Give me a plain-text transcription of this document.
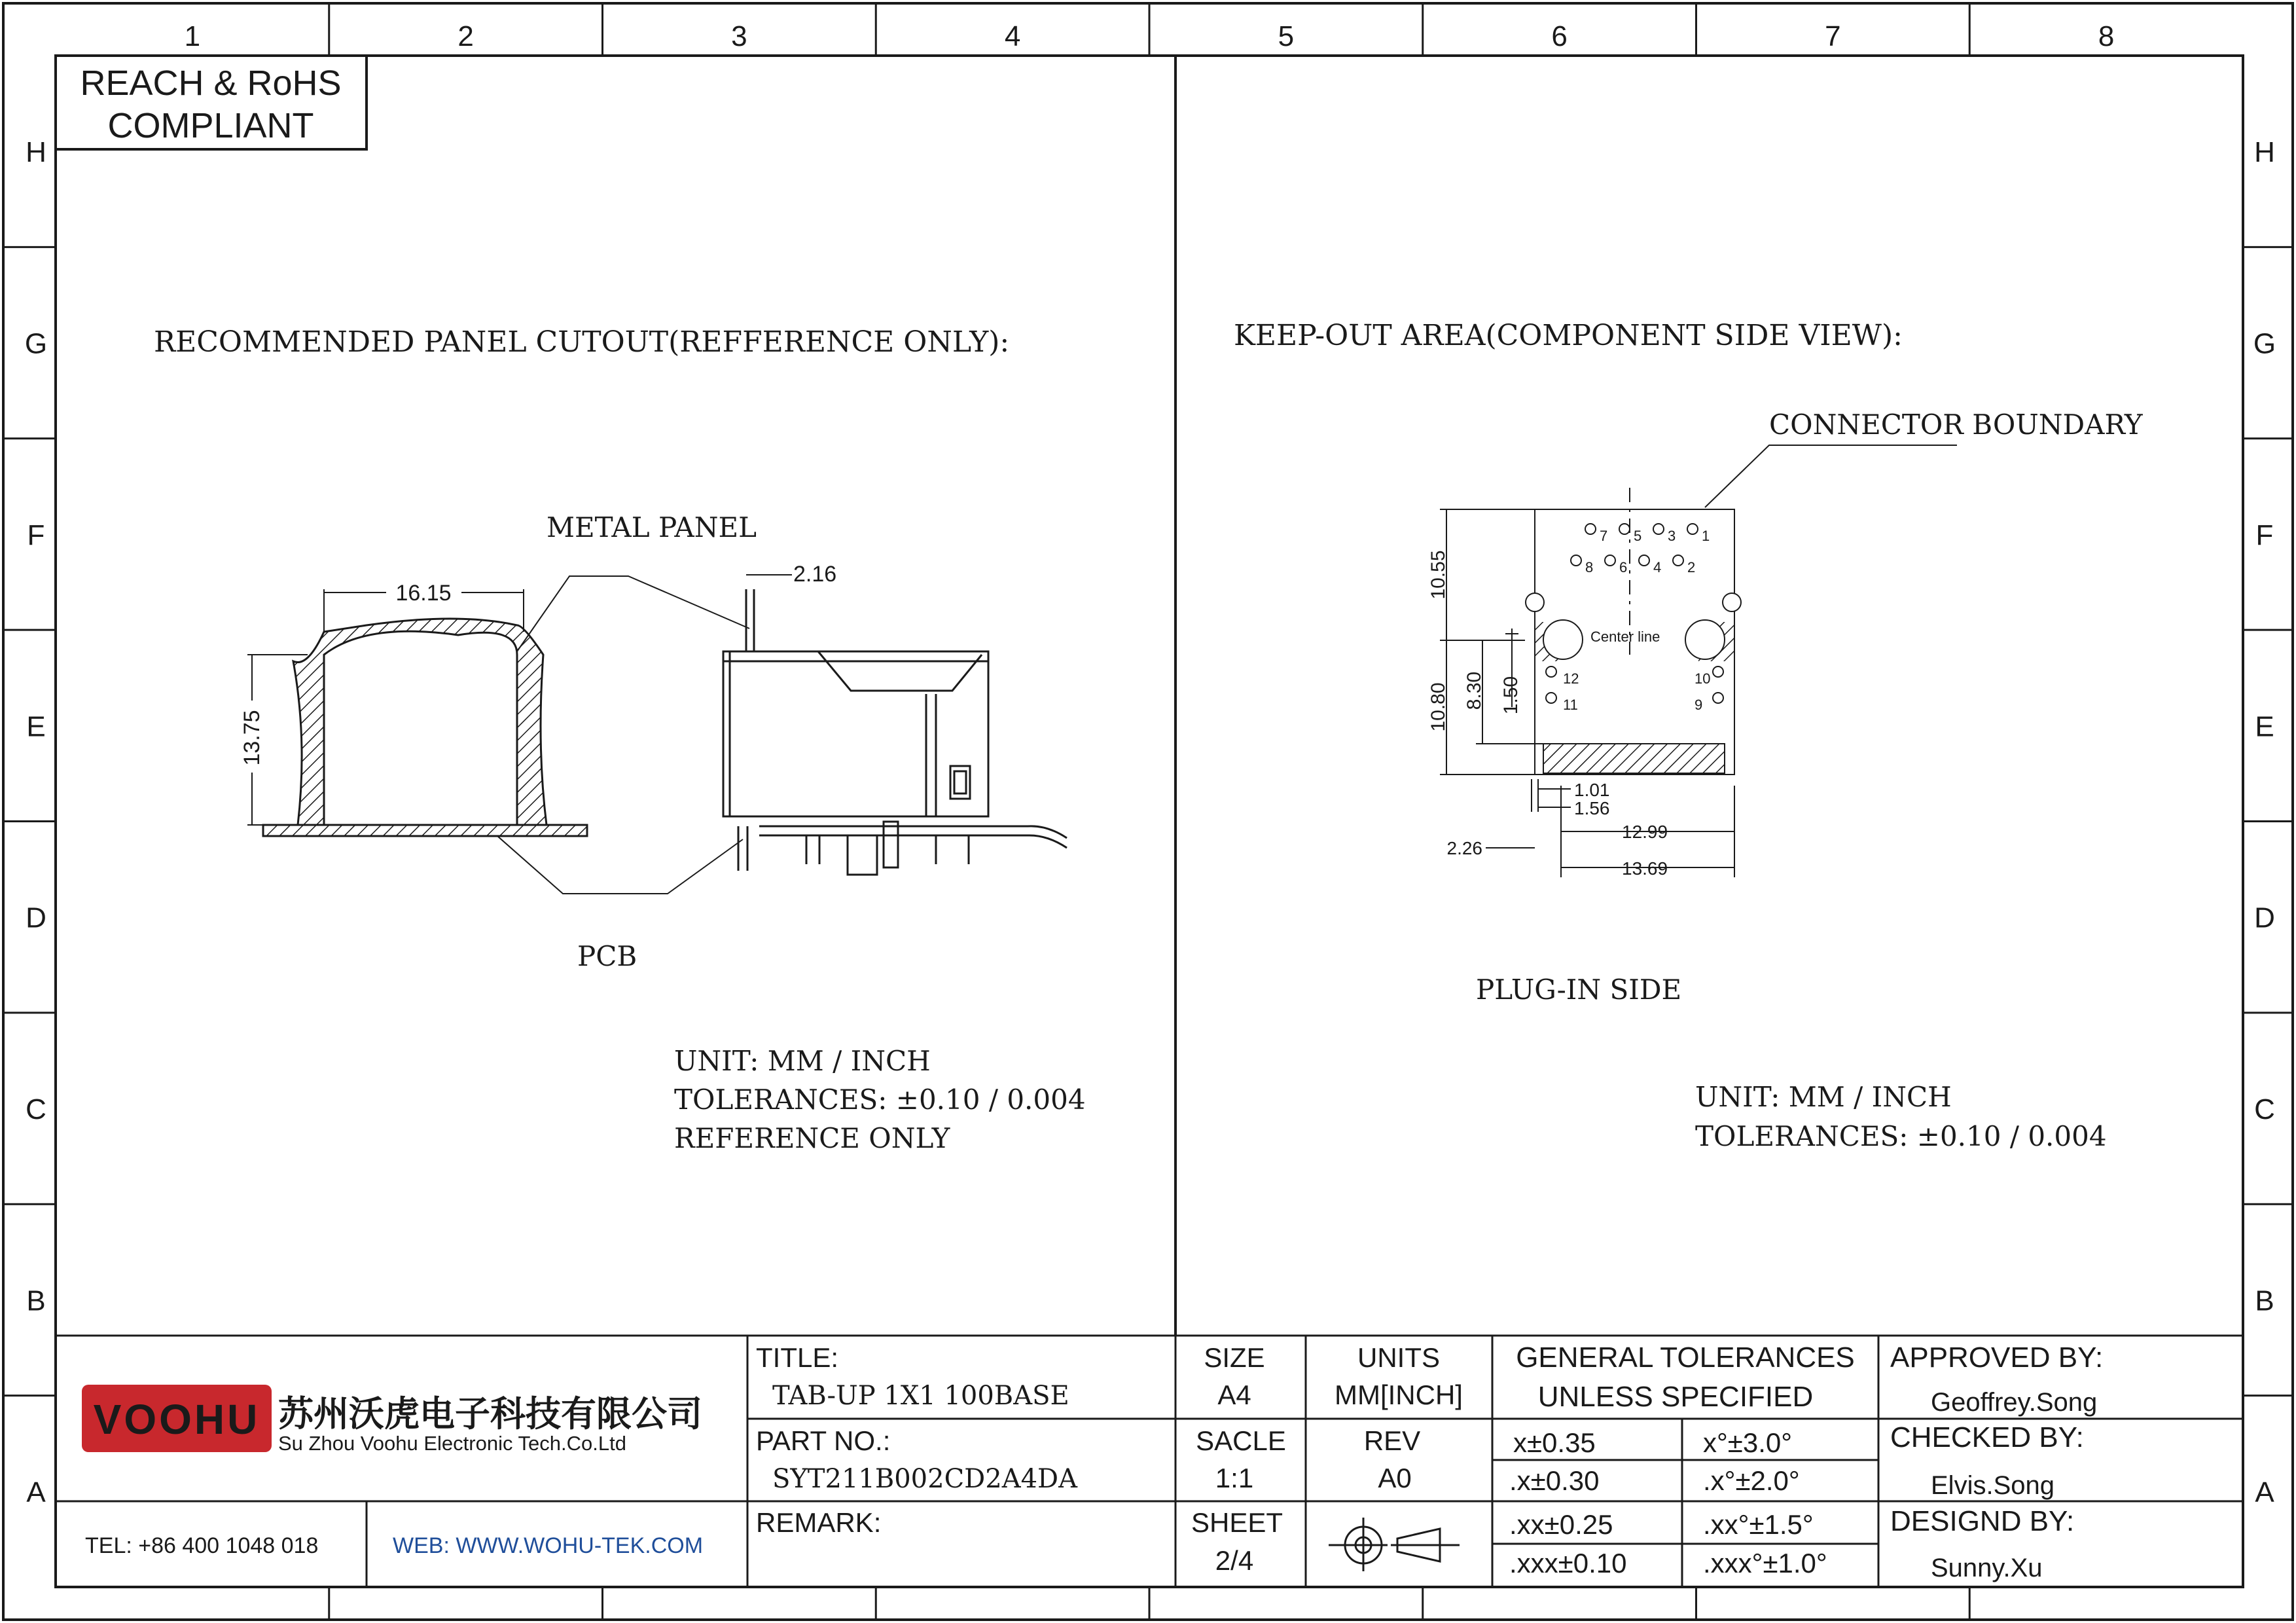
1	2	3	4	5	6	7	8
H	H
G	G
F	F
E	E
D	D
C	C
B	B
A	A
REACH & RoHS
COMPLIANT
RECOMMENDED PANEL CUTOUT(REFFERENCE ONLY):
16.15
13.75
2.16
METAL PANEL
PCB
UNIT: MM / INCH
TOLERANCES: ±0.10 / 0.004
REFERENCE ONLY
KEEP-OUT AREA(COMPONENT SIDE VIEW):
CONNECTOR BOUNDARY
Center line
7 5 3 1
8 6 4 2
12
11
10
9
10.55
10.80 8.30 1.50
1.01
1.56
12.99
2.26
13.69
PLUG-IN SIDE
UNIT: MM / INCH
TOLERANCES: ±0.10 / 0.004
VOOHU 苏州沃虎电子科技有限公司
Su Zhou Voohu Electronic Tech.Co.Ltd
TEL: +86 400 1048 018	WEB: WWW.WOHU-TEK.COM
TITLE:
TAB-UP 1X1 100BASE
PART NO.:
SYT211B002CD2A4DA
REMARK:
SIZE
A4
UNITS
MM[INCH]
SACLE
1:1
REV
A0
SHEET
2/4
GENERAL TOLERANCES
UNLESS SPECIFIED
x±0.35	x°±3.0°
.x±0.30	.x°±2.0°
.xx±0.25	.xx°±1.5°
.xxx±0.10	.xxx°±1.0°
APPROVED BY:
Geoffrey.Song
CHECKED BY:
Elvis.Song
DESIGND BY:
Sunny.Xu
